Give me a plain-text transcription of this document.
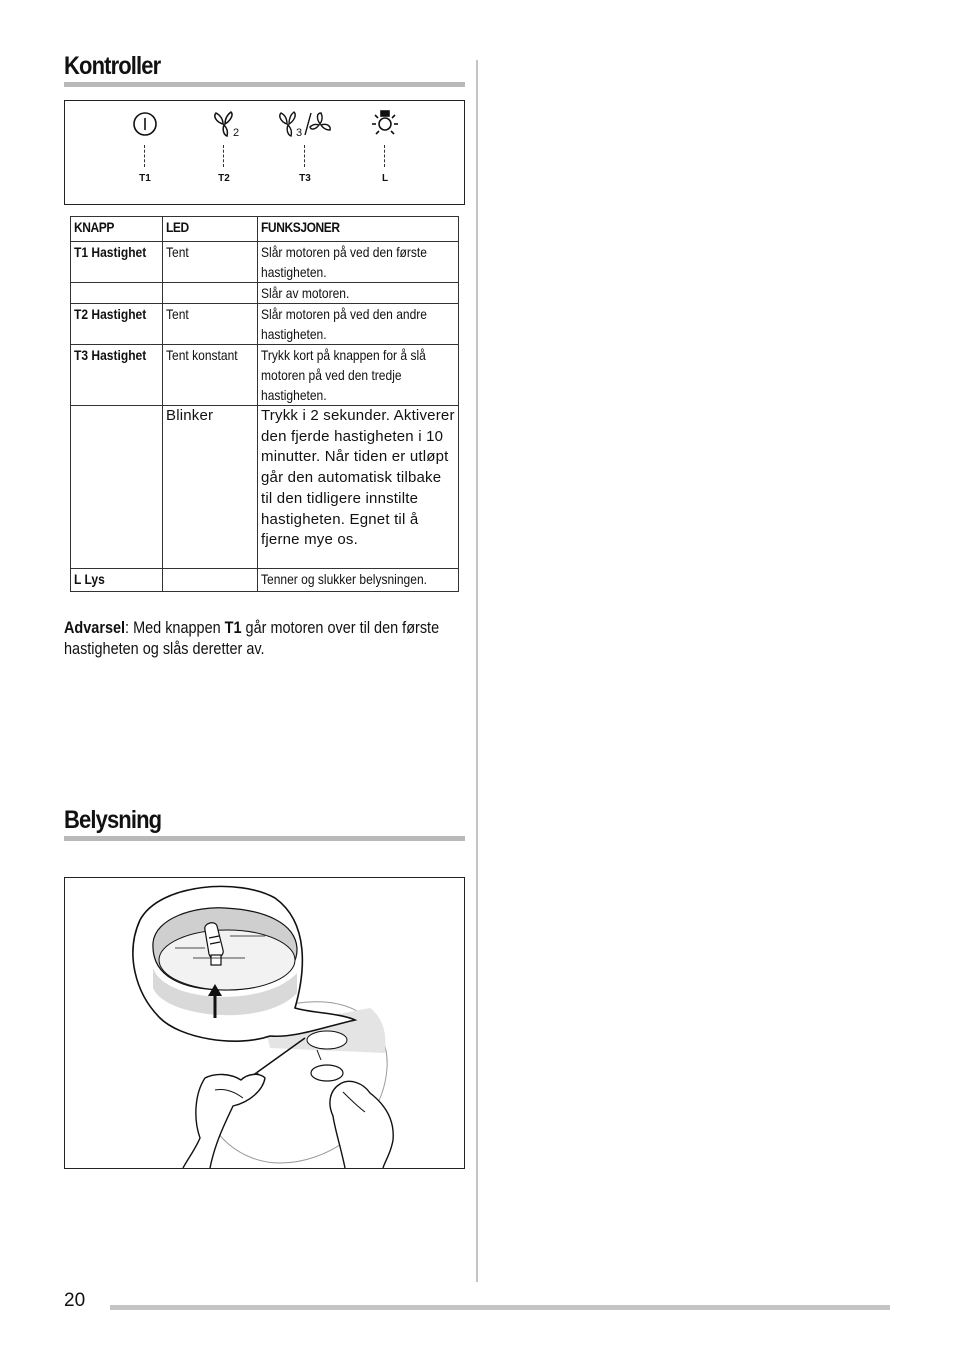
Kontroller
T1
2
T2
3
T3	L
KNAPP	LED	FUNKSJONER
T1 Hastighet	Tent	Slår motoren på ved den første hastigheten.

		Slår av motoren.

T2 Hastighet	Tent	Slår motoren på ved den andre hastigheten.

T3 Hastighet	Tent konstant	Trykk kort på knappen for å slå motoren på ved den tredje hastigheten.

	Blinker	Trykk i 2 sekunder. Aktiverer den fjerde hastigheten i 10 minutter. Når tiden er utløpt går den automatisk tilbake til den tidligere innstilte hastigheten. Egnet til å fjerne mye os.
L Lys		Tenner og slukker belysningen.

Advarsel: Med knappen T1 går motoren over til den første hastigheten og slås deretter av.

Belysning
20
